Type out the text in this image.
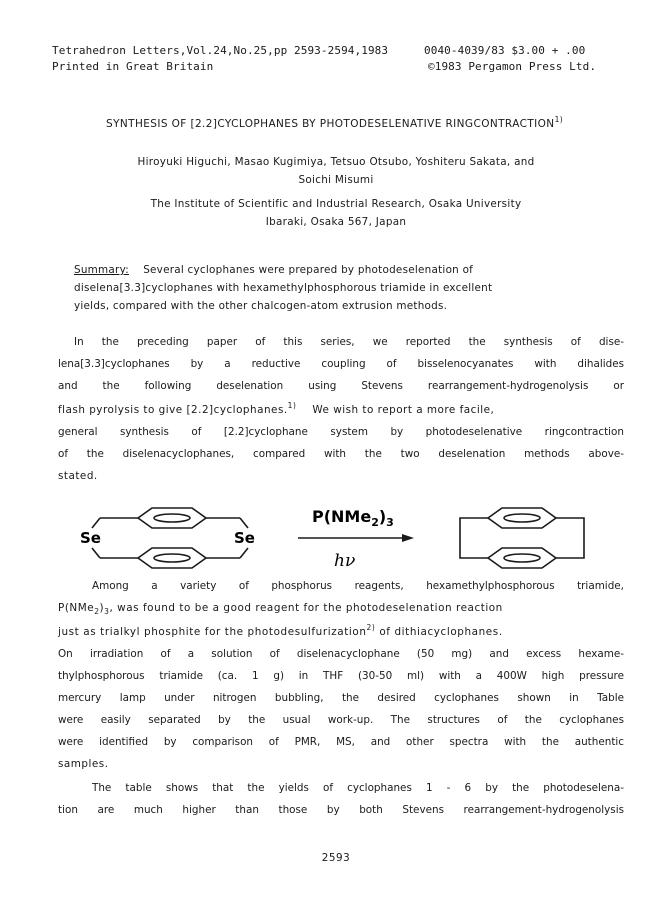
Tetrahedron Letters,Vol.24,No.25,pp 2593-2594,1983	0040-4039/83 $3.00 + .00
Printed in Great Britain	©1983 Pergamon Press Ltd.
SYNTHESIS OF [2.2]CYCLOPHANES BY PHOTODESELENATIVE RINGCONTRACTION$^{1)}$
Hiroyuki Higuchi, Masao Kugimiya, Tetsuo Otsubo, Yoshiteru Sakata, and
Soichi Misumi
The Institute of Scientific and Industrial Research, Osaka University
Ibaraki, Osaka 567, Japan
Summary: Several cyclophanes were prepared by photodeselenation of
diselena[3.3]cyclophanes with hexamethylphosphorous triamide in excellent
yields, compared with the other chalcogen-atom extrusion methods.
In the preceding paper of this series, we reported the synthesis of dise-
lena[3.3]cyclophanes by a reductive coupling of bisselenocyanates with dihalides
and the following deselenation using Stevens rearrangement-hydrogenolysis or
flash pyrolysis to give [2.2]cyclophanes.$^{1)}$ We wish to report a more facile,
general synthesis of [2.2]cyclophane system by photodeselenative ringcontraction
of the diselenacyclophanes, compared with the two deselenation methods above-
stated.
Se	Se
$P(NMe_2)_3$
hν
Among a variety of phosphorus reagents, hexamethylphosphorous triamide,
$P(NMe_2)_3$, was found to be a good reagent for the photodeselenation reaction
just as trialkyl phosphite for the photodesulfurization$^{2)}$ of dithiacyclophanes.
On irradiation of a solution of diselenacyclophane (50 mg) and excess hexame-
thylphosphorous triamide (ca. 1 g) in THF (30-50 ml) with a 400W high pressure
mercury lamp under nitrogen bubbling, the desired cyclophanes shown in Table
were easily separated by the usual work-up. The structures of the cyclophanes
were identified by comparison of PMR, MS, and other spectra with the authentic
samples.
The table shows that the yields of cyclophanes 1 - 6 by the photodeselena-
tion are much higher than those by both Stevens rearrangement-hydrogenolysis
2593
